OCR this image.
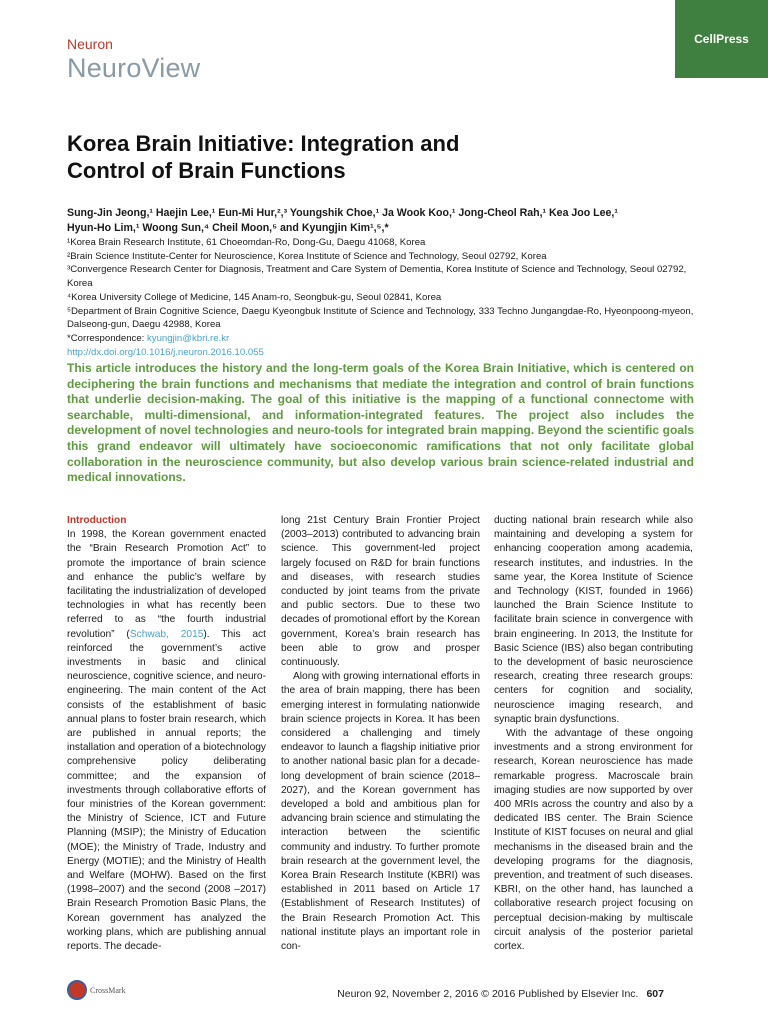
Neuron
NeuroView
CellPress
Korea Brain Initiative: Integration and Control of Brain Functions
Sung-Jin Jeong,¹ Haejin Lee,¹ Eun-Mi Hur,²,³ Youngshik Choe,¹ Ja Wook Koo,¹ Jong-Cheol Rah,¹ Kea Joo Lee,¹
Hyun-Ho Lim,¹ Woong Sun,⁴ Cheil Moon,⁵ and Kyungjin Kim¹,⁵,*
¹Korea Brain Research Institute, 61 Choeomdan-Ro, Dong-Gu, Daegu 41068, Korea
²Brain Science Institute-Center for Neuroscience, Korea Institute of Science and Technology, Seoul 02792, Korea
³Convergence Research Center for Diagnosis, Treatment and Care System of Dementia, Korea Institute of Science and Technology, Seoul 02792, Korea
⁴Korea University College of Medicine, 145 Anam-ro, Seongbuk-gu, Seoul 02841, Korea
⁵Department of Brain Cognitive Science, Daegu Kyeongbuk Institute of Science and Technology, 333 Techno Jungangdae-Ro, Hyeonpoong-myeon, Dalseong-gun, Daegu 42988, Korea
*Correspondence: kyungjin@kbri.re.kr
http://dx.doi.org/10.1016/j.neuron.2016.10.055
This article introduces the history and the long-term goals of the Korea Brain Initiative, which is centered on deciphering the brain functions and mechanisms that mediate the integration and control of brain functions that underlie decision-making. The goal of this initiative is the mapping of a functional connectome with searchable, multi-dimensional, and information-integrated features. The project also includes the development of novel technologies and neuro-tools for integrated brain mapping. Beyond the scientific goals this grand endeavor will ultimately have socioeconomic ramifications that not only facilitate global collaboration in the neuroscience community, but also develop various brain science-related industrial and medical innovations.

Introduction

In 1998, the Korean government enacted the “Brain Research Promotion Act” to promote the importance of brain science and enhance the public’s welfare by facilitating the industrialization of developed technologies in what has recently been referred to as “the fourth industrial revolution” (Schwab, 2015). This act reinforced the government’s active investments in basic and clinical neuroscience, cognitive science, and neuro-engineering. The main content of the Act consists of the establishment of basic annual plans to foster brain research, which are published in annual reports; the installation and operation of a biotechnology comprehensive policy deliberating committee; and the expansion of investments through collaborative efforts of four ministries of the Korean government: the Ministry of Science, ICT and Future Planning (MSIP); the Ministry of Education (MOE); the Ministry of Trade, Industry and Energy (MOTIE); and the Ministry of Health and Welfare (MOHW). Based on the first (1998–2007) and the second (2008 –2017) Brain Research Promotion Basic Plans, the Korean government has analyzed the working plans, which are publishing annual reports. The decade-

long 21st Century Brain Frontier Project (2003–2013) contributed to advancing brain science. This government-led project largely focused on R&D for brain functions and diseases, with research studies conducted by joint teams from the private and public sectors. Due to these two decades of promotional effort by the Korean government, Korea’s brain research has been able to grow and prosper continuously.

Along with growing international efforts in the area of brain mapping, there has been emerging interest in formulating nationwide brain science projects in Korea. It has been considered a challenging and timely endeavor to launch a flagship initiative prior to another national basic plan for a decade-long development of brain science (2018–2027), and the Korean government has developed a bold and ambitious plan for advancing brain science and stimulating the interaction between the scientific community and industry. To further promote brain research at the government level, the Korea Brain Research Institute (KBRI) was established in 2011 based on Article 17 (Establishment of Research Institutes) of the Brain Research Promotion Act. This national institute plays an important role in con-

ducting national brain research while also maintaining and developing a system for enhancing cooperation among academia, research institutes, and industries. In the same year, the Korea Institute of Science and Technology (KIST, founded in 1966) launched the Brain Science Institute to facilitate brain science in convergence with brain engineering. In 2013, the Institute for Basic Science (IBS) also began contributing to the development of basic neuroscience research, creating three research groups: centers for cognition and sociality, neuroscience imaging research, and synaptic brain dysfunctions.

With the advantage of these ongoing investments and a strong environment for research, Korean neuroscience has made remarkable progress. Macroscale brain imaging studies are now supported by over 400 MRIs across the country and also by a dedicated IBS center. The Brain Science Institute of KIST focuses on neural and glial mechanisms in the diseased brain and the developing programs for the diagnosis, prevention, and treatment of such diseases. KBRI, on the other hand, has launched a collaborative research project focusing on perceptual decision-making by multiscale circuit analysis of the posterior parietal cortex.

CrossMark	Neuron 92, November 2, 2016 © 2016 Published by Elsevier Inc. 607
